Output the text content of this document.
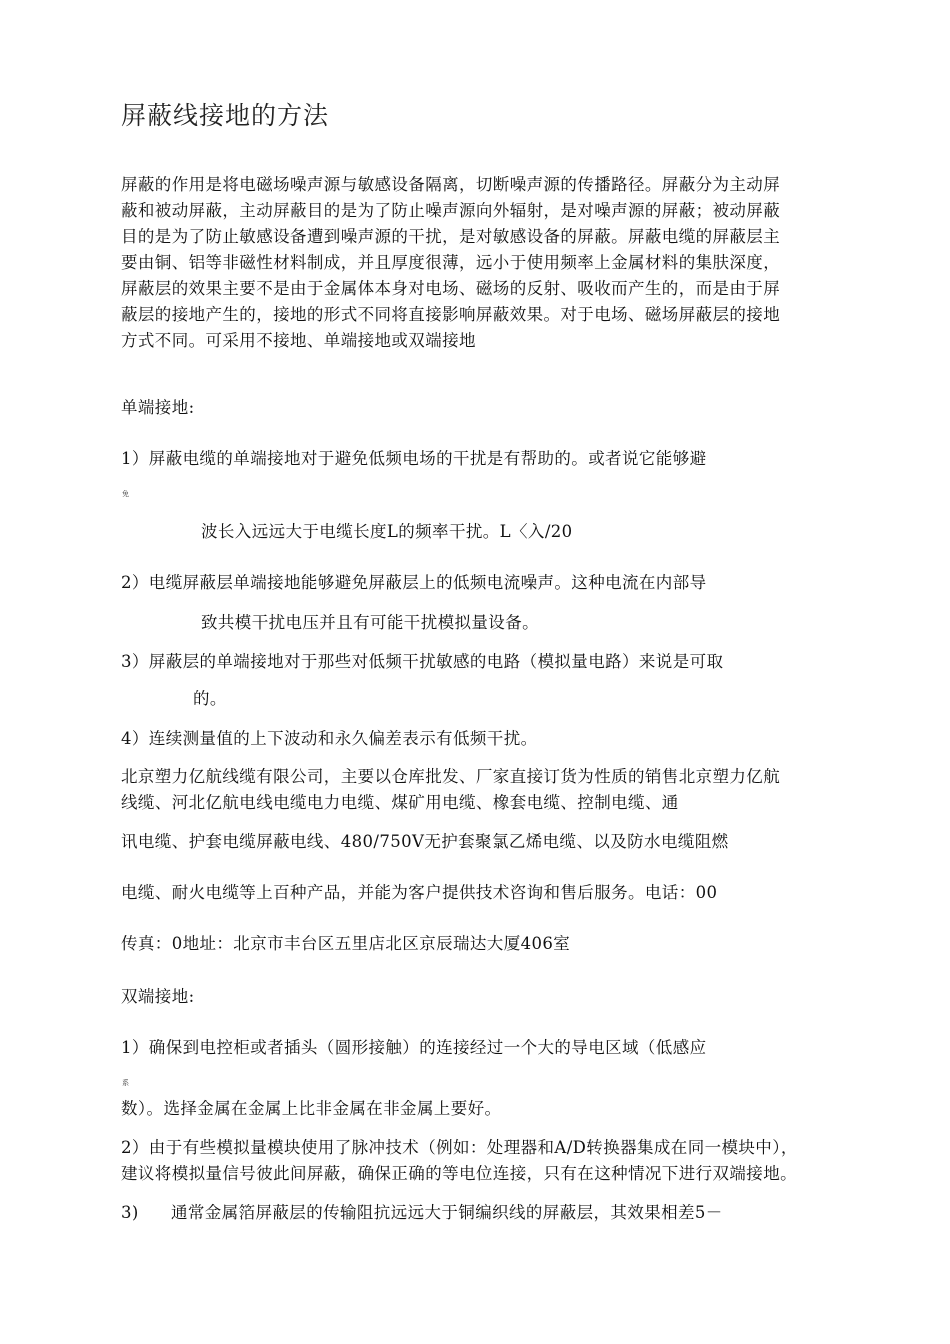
屏蔽线接地的方法
屏蔽的作用是将电磁场噪声源与敏感设备隔离，切断噪声源的传播路径。屏蔽分为主动屏
蔽和被动屏蔽，主动屏蔽目的是为了防止噪声源向外辐射，是对噪声源的屏蔽；被动屏蔽
目的是为了防止敏感设备遭到噪声源的干扰，是对敏感设备的屏蔽。屏蔽电缆的屏蔽层主
要由铜、铝等非磁性材料制成，并且厚度很薄，远小于使用频率上金属材料的集肤深度，
屏蔽层的效果主要不是由于金属体本身对电场、磁场的反射、吸收而产生的，而是由于屏
蔽层的接地产生的，接地的形式不同将直接影响屏蔽效果。对于电场、磁场屏蔽层的接地
方式不同。可采用不接地、单端接地或双端接地
单端接地:
1）屏蔽电缆的单端接地对于避免低频电场的干扰是有帮助的。或者说它能够避
免
波长入远远大于电缆长度L的频率干扰。L〈入/20
2）电缆屏蔽层单端接地能够避免屏蔽层上的低频电流噪声。这种电流在内部导
致共模干扰电压并且有可能干扰模拟量设备。
3）屏蔽层的单端接地对于那些对低频干扰敏感的电路（模拟量电路）来说是可取
的。
4）连续测量值的上下波动和永久偏差表示有低频干扰。
北京塑力亿航线缆有限公司，主要以仓库批发、厂家直接订货为性质的销售北京塑力亿航
线缆、河北亿航电线电缆电力电缆、煤矿用电缆、橡套电缆、控制电缆、通
讯电缆、护套电缆屏蔽电线、480/750V无护套聚氯乙烯电缆、以及防水电缆阻燃
电缆、耐火电缆等上百种产品，并能为客户提供技术咨询和售后服务。电话：00
传真：0地址：北京市丰台区五里店北区京辰瑞达大厦406室
双端接地:
1）确保到电控柜或者插头（圆形接触）的连接经过一个大的导电区域（低感应
系
数）。选择金属在金属上比非金属在非金属上要好。
2）由于有些模拟量模块使用了脉冲技术（例如：处理器和A/D转换器集成在同一模块中），
建议将模拟量信号彼此间屏蔽，确保正确的等电位连接，只有在这种情况下进行双端接地。
3) 通常金属箔屏蔽层的传输阻抗远远大于铜编织线的屏蔽层，其效果相差5－
